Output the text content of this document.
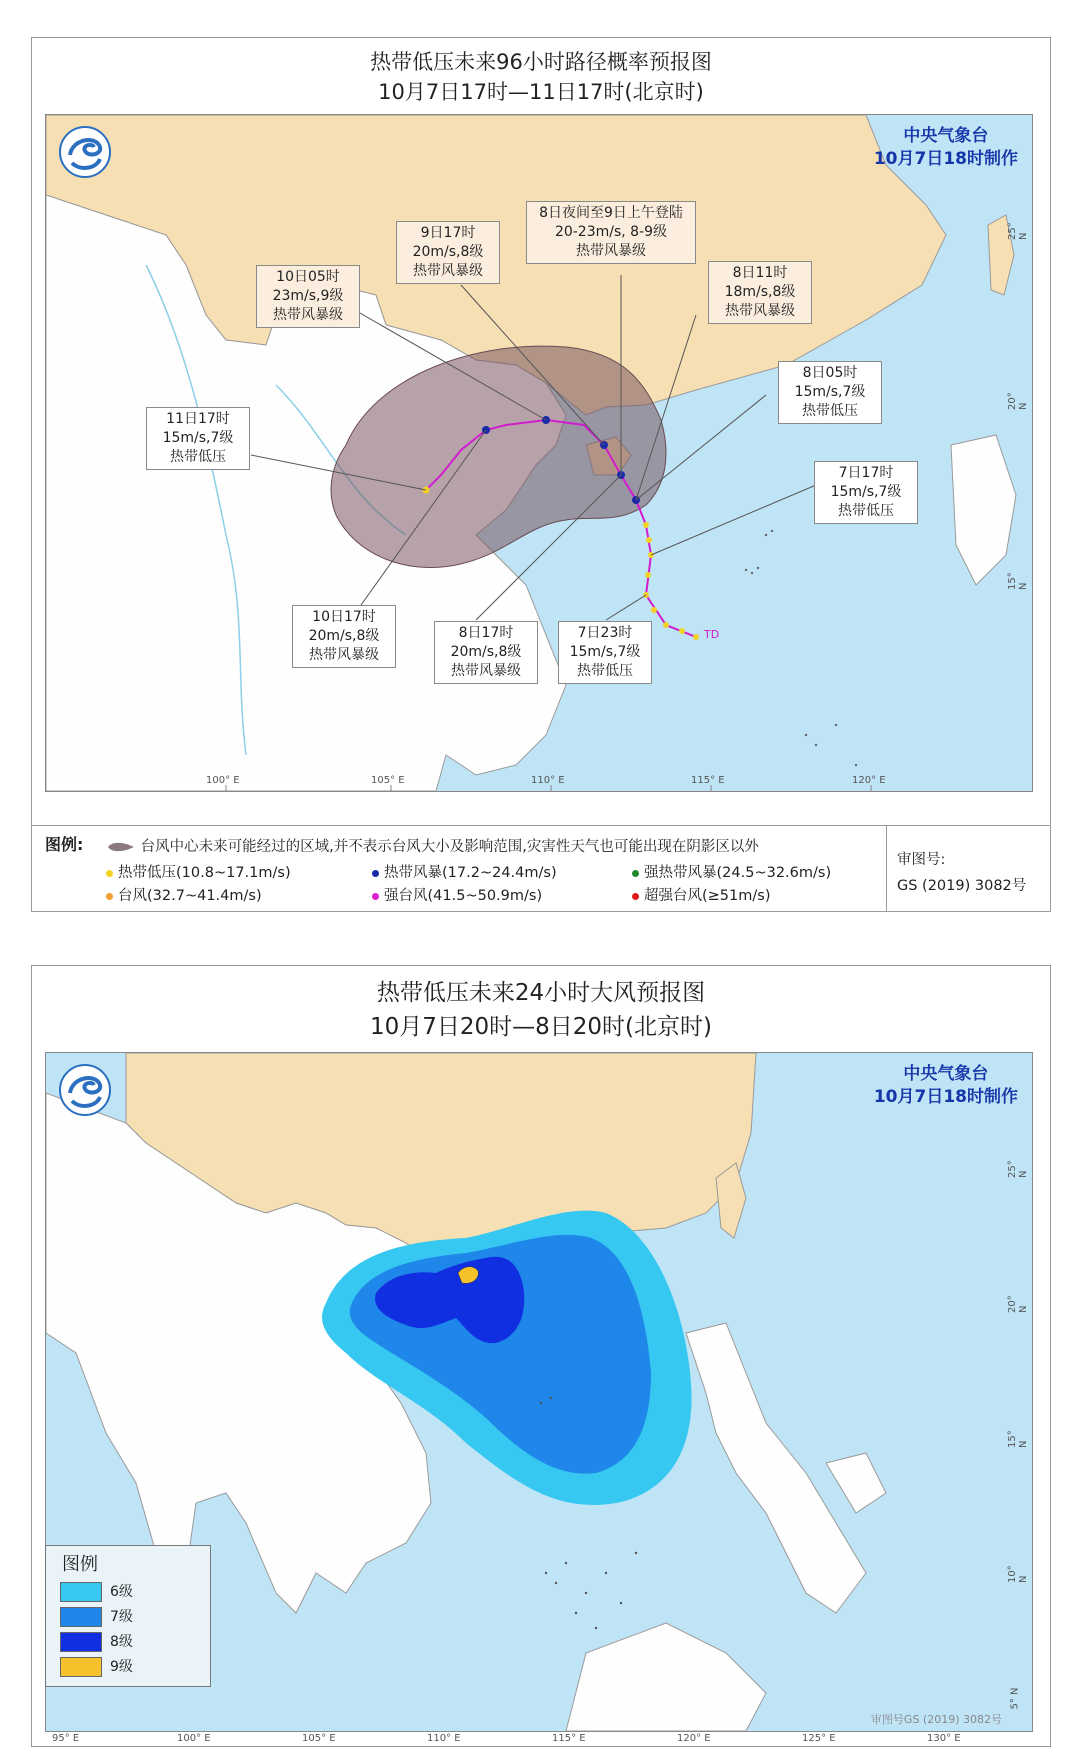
热带低压未来96小时路径概率预报图
10月7日17时—11日17时(北京时)
中央气象台
10月7日18时制作
11日17时
15m/s,7级
热带低压
10日05时
23m/s,9级
热带风暴级
9日17时
20m/s,8级
热带风暴级
8日夜间至9日上午登陆
20-23m/s, 8-9级
热带风暴级
8日11时
18m/s,8级
热带风暴级
8日05时
15m/s,7级
热带低压
7日17时
15m/s,7级
热带低压
10日17时
20m/s,8级
热带风暴级
8日17时
20m/s,8级
热带风暴级
7日23时
15m/s,7级
热带低压
TD
100° E	105° E	110° E	115° E	120° E
25° N
20° N
15° N
图例:	台风中心未来可能经过的区域,并不表示台风大小及影响范围,灾害性天气也可能出现在阴影区以外
热带低压(10.8~17.1m/s)	热带风暴(17.2~24.4m/s)	强热带风暴(24.5~32.6m/s)
台风(32.7~41.4m/s)	强台风(41.5~50.9m/s)	超强台风(≥51m/s)
审图号:
GS (2019) 3082号
热带低压未来24小时大风预报图
10月7日20时—8日20时(北京时)
中央气象台
10月7日18时制作
审图号GS (2019) 3082号
25° N
20° N
15° N
10° N
5° N
95° E	100° E	105° E	110° E	115° E	120° E	125° E	130° E
图例
6级
7级
8级
9级
